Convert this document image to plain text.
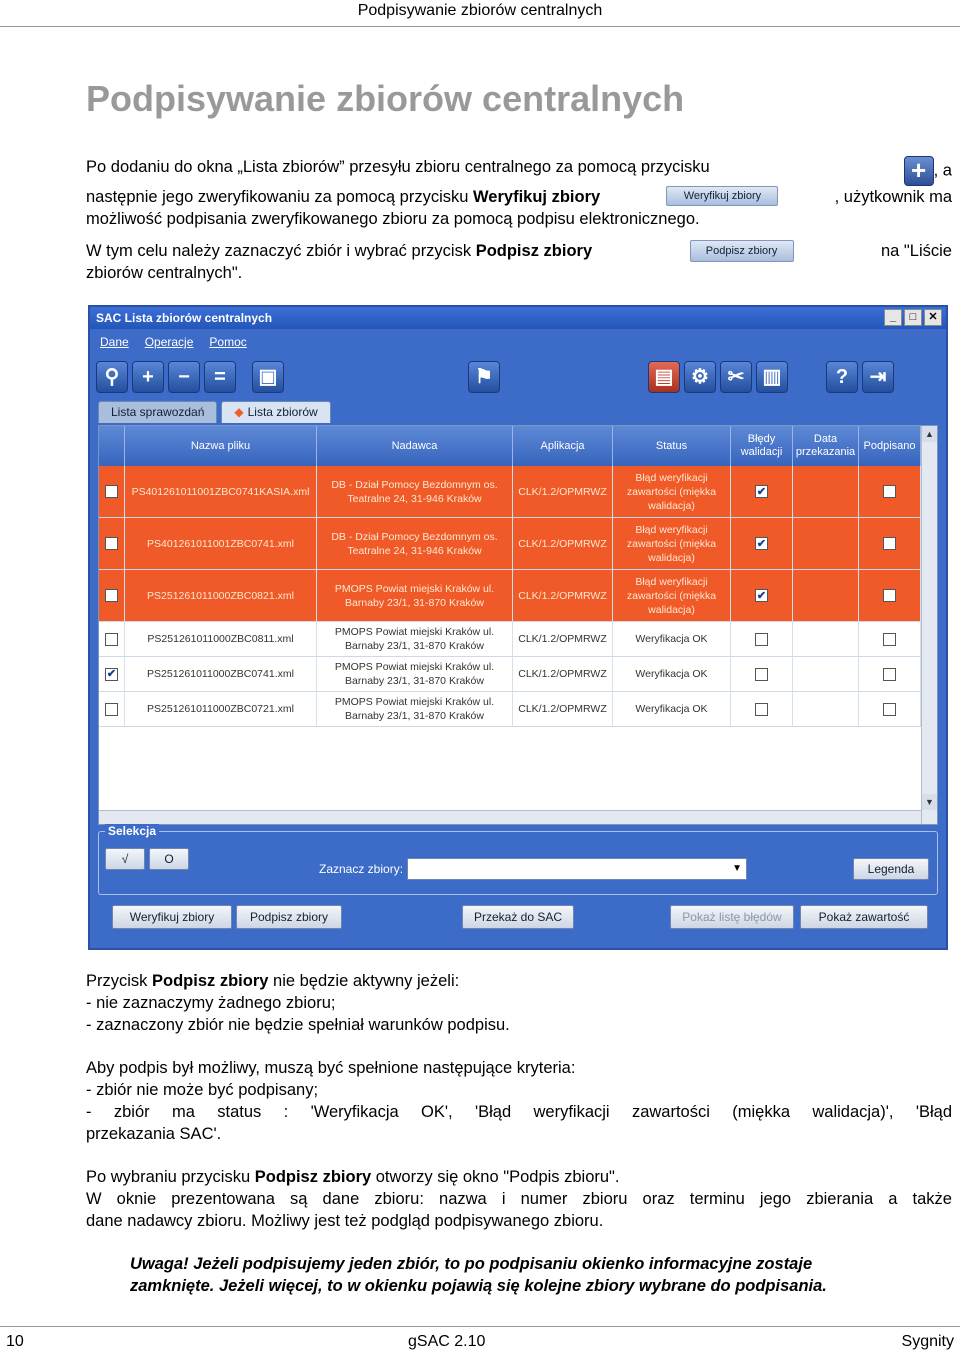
Podpisywanie zbiorów centralnych
Podpisywanie zbiorów centralnych
Po dodaniu do okna „Lista zbiorów” przesyłu zbioru centralnego za pomocą przycisku	+ , a
następnie jego zweryfikowaniu za pomocą przycisku Weryfikuj zbiory	Weryfikuj zbiory	, użytkownik ma
możliwość podpisania zweryfikowanego zbioru za pomocą podpisu elektronicznego.
W tym celu należy zaznaczyć zbiór i wybrać przycisk Podpisz zbiory	Podpisz zbiory	na "Liście
zbiorów centralnych".
SAC Lista zbiorów centralnych	_	□	✕
Dane Operacje Pomoc
⚲	+	−	=	▣	⚑	▤ ⚙ ✂ ▥	?	⇥
Lista sprawozdań	◆ Lista zbiorów
Nazwa pliku	Nadawca	Aplikacja	Status
Błędy walidacji
Data przekazania
Podpisano
PS401261011001ZBC0741KASIA.xml
DB - Dział Pomocy Bezdomnym os. Teatralne 24, 31-946 Kraków
CLK/1.2/OPMRWZ
Błąd weryfikacji zawartości (miękka walidacja)
✔
PS401261011001ZBC0741.xml
DB - Dział Pomocy Bezdomnym os. Teatralne 24, 31-946 Kraków
CLK/1.2/OPMRWZ
Błąd weryfikacji zawartości (miękka walidacja)
✔
PS251261011000ZBC0821.xml
PMOPS Powiat miejski Kraków ul. Barnaby 23/1, 31-870 Kraków
CLK/1.2/OPMRWZ
Błąd weryfikacji zawartości (miękka walidacja)
✔
PS251261011000ZBC0811.xml
PMOPS Powiat miejski Kraków ul. Barnaby 23/1, 31-870 Kraków
CLK/1.2/OPMRWZ	Weryfikacja OK
✔	PS251261011000ZBC0741.xml
PMOPS Powiat miejski Kraków ul. Barnaby 23/1, 31-870 Kraków
CLK/1.2/OPMRWZ	Weryfikacja OK
PS251261011000ZBC0721.xml
PMOPS Powiat miejski Kraków ul. Barnaby 23/1, 31-870 Kraków
CLK/1.2/OPMRWZ	Weryfikacja OK
▲
▼
Selekcja
√	O
Zaznacz zbiory:	▼	Legenda
Weryfikuj zbiory	Podpisz zbiory	Przekaż do SAC	Pokaż listę błędów	Pokaż zawartość
Przycisk Podpisz zbiory nie będzie aktywny jeżeli:
- nie zaznaczymy żadnego zbioru;
- zaznaczony zbiór nie będzie spełniał warunków podpisu.
Aby podpis był możliwy, muszą być spełnione następujące kryteria:
- zbiór nie może być podpisany;
- zbiór ma status : 'Weryfikacja OK', 'Błąd weryfikacji zawartości (miękka walidacja)', 'Błąd
przekazania SAC'.
Po wybraniu przycisku Podpisz zbiory otworzy się okno "Podpis zbioru".
W oknie prezentowana są dane zbioru: nazwa i numer zbioru oraz terminu jego zbierania a także
dane nadawcy zbioru. Możliwy jest też podgląd podpisywanego zbioru.
Uwaga! Jeżeli podpisujemy jeden zbiór, to po podpisaniu okienko informacyjne zostaje
zamknięte. Jeżeli więcej, to w okienku pojawią się kolejne zbiory wybrane do podpisania.
10	gSAC 2.10	Sygnity
